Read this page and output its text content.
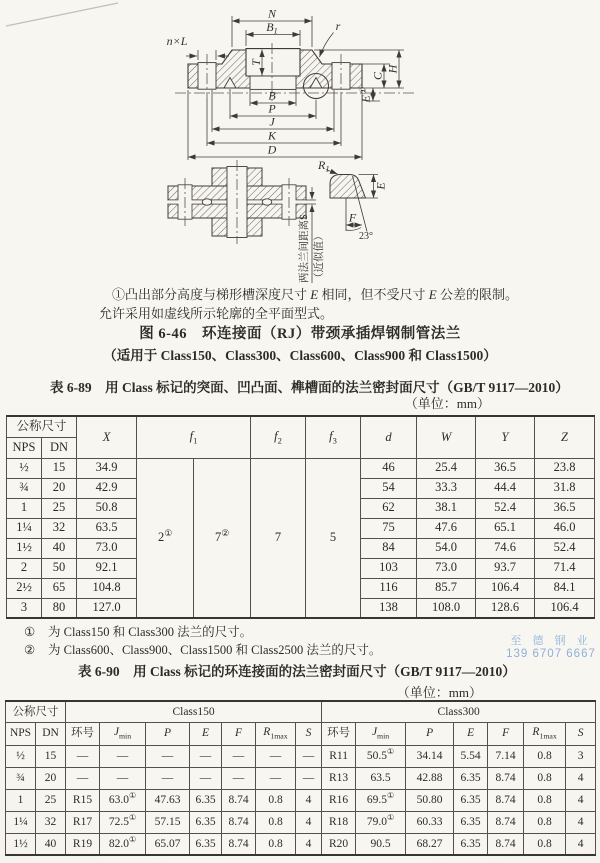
N
$B_1$
n×L
T
r
H
C
E①
B
P
J
K
D
两法兰间距离S （近似值）
$R_1$
E
F
23°
①凸出部分高度与梯形槽深度尺寸 E 相同，但不受尺寸 E 公差的限制。
允许采用如虚线所示轮廓的全平面型式。
图 6-46　环连接面（RJ）带颈承插焊钢制管法兰
（适用于 Class150、Class300、Class600、Class900 和 Class1500）
表 6-89　用 Class 标记的突面、凹凸面、榫槽面的法兰密封面尺寸（GB/T 9117—2010）
（单位：mm）
公称尺寸		X	$f_1$		$f_2$	$f_3$	d	W	Y	Z
NPS	DN									
½	15	34.9	2①	7②	7	5	46	25.4	36.5	23.8
¾	20	42.9					54	33.3	44.4	31.8
1	25	50.8					62	38.1	52.4	36.5
1¼	32	63.5					75	47.6	65.1	46.0
1½	40	73.0					84	54.0	74.6	52.4
2	50	92.1					103	73.0	93.7	71.4
2½	65	104.8					116	85.7	106.4	84.1
3	80	127.0					138	108.0	128.6	106.4
① 为 Class150 和 Class300 法兰的尺寸。
② 为 Class600、Class900、Class1500 和 Class2500 法兰的尺寸。
表 6-90　用 Class 标记的环连接面的法兰密封面尺寸（GB/T 9117—2010）
（单位：mm）
公称尺寸		Class150							Class300						
NPS	DN	环号	$J_{min}$	P	E	F	$R_{1max}$	S	环号	$J_{min}$	P	E	F	$R_{1max}$	S
½	15	—	—	—	—	—	—	—	R11	50.5①	34.14	5.54	7.14	0.8	3
¾	20	—	—	—	—	—	—	—	R13	63.5	42.88	6.35	8.74	0.8	4
1	25	R15	63.0①	47.63	6.35	8.74	0.8	4	R16	69.5①	50.80	6.35	8.74	0.8	4
1¼	32	R17	72.5①	57.15	6.35	8.74	0.8	4	R18	79.0①	60.33	6.35	8.74	0.8	4
1½	40	R19	82.0①	65.07	6.35	8.74	0.8	4	R20	90.5	68.27	6.35	8.74	0.8	4
至 德 钢 业
139 6707 6667
